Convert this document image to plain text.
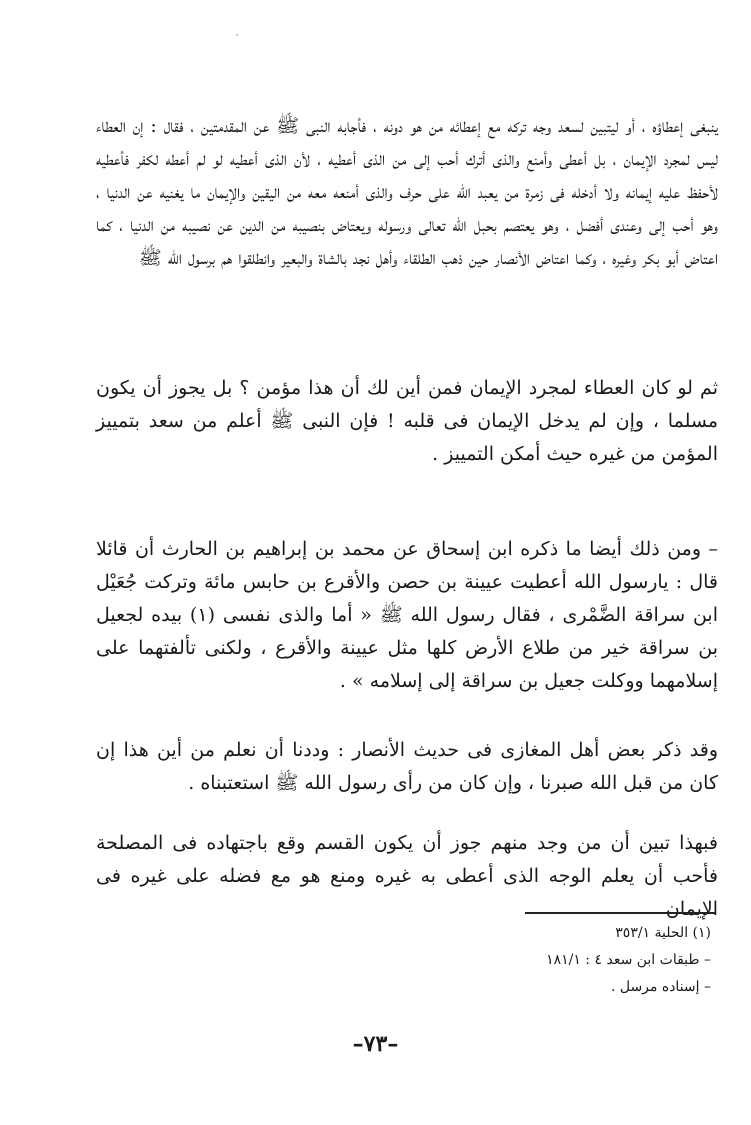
ينبغى إعطاؤه ، أو ليتبين لسعد وجه تركه مع إعطائه من هو دونه ، فأجابه النبى ﷺ عن المقدمتين ، فقال : إن العطاء ليس لمجرد الإيمان ، بل أعطى وأمنع والذى أترك أحب إلى من الذى أعطيه ، لأن الذى أعطيه لو لم أعطه لكفر فأعطيه لأحفظ عليه إيمانه ولا أدخله فى زمرة من يعبد الله على حرف والذى أمنعه معه من اليقين والإيمان ما يغنيه عن الدنيا ، وهو أحب إلى وعندى أفضل ، وهو يعتصم بحبل الله تعالى ورسوله ويعتاض بنصيبه من الدين عن نصيبه من الدنيا ، كما اعتاض أبو بكر وغيره ، وكما اعتاض الأنصار حين ذهب الطلقاء وأهل نجد بالشاة والبعير وانطلقوا هم برسول الله ﷺ

ثم لو كان العطاء لمجرد الإيمان فمن أين لك أن هذا مؤمن ؟ بل يجوز أن يكون مسلما ، وإن لم يدخل الإيمان فى قلبه ! فإن النبى ﷺ أعلم من سعد بتمييز المؤمن من غيره حيث أمكن التمييز .

– ومن ذلك أيضا ما ذكره ابن إسحاق عن محمد بن إبراهيم بن الحارث أن قائلا قال : يارسول الله أعطيت عيينة بن حصن والأقرع بن حابس مائة وتركت جُعَيْل ابن سراقة الضَّمْرى ، فقال رسول الله ﷺ « أما والذى نفسى (١) بيده لجعيل بن سراقة خير من طلاع الأرض كلها مثل عيينة والأقرع ، ولكنى تألفتهما على إسلامهما ووكلت جعيل بن سراقة إلى إسلامه » .

وقد ذكر بعض أهل المغازى فى حديث الأنصار : وددنا أن نعلم من أين هذا إن كان من قبل الله صبرنا ، وإن كان من رأى رسول الله ﷺ استعتبناه .

فبهذا تبين أن من وجد منهم جوز أن يكون القسم وقع باجتهاده فى المصلحة فأحب أن يعلم الوجه الذى أعطى به غيره ومنع هو مع فضله على غيره فى الإيمان

(١) الحلية ٣٥٣/١
– طبقات ابن سعد ٤ : ١٨١/١
– إسناده مرسل .
–٧٣–
